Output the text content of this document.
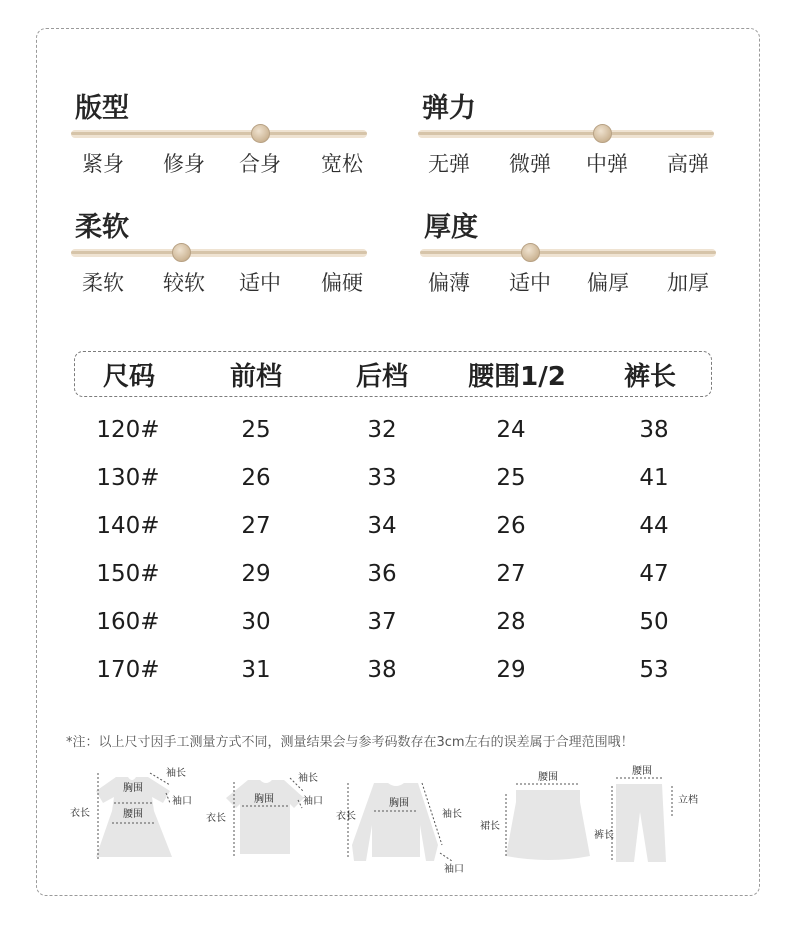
版型
紧身	修身	合身	宽松
弹力
无弹	微弹	中弹	高弹
柔软
柔软	较软	适中	偏硬
厚度
偏薄	适中	偏厚	加厚
尺码	前档	后档	腰围1/2	裤长
120#	25	32	24	38
130#	26	33	25	41
140#	27	34	26	44
150#	29	36	27	47
160#	30	37	28	50
170#	31	38	29	53
*注：以上尺寸因手工测量方式不同，测量结果会与参考码数存在3cm左右的误差属于合理范围哦！
衣长
胸围
腰围
袖长
袖口
衣长
胸围
袖长
袖口
衣长
胸围
袖长
袖口
腰围
裙长
腰围
裤长
立档
